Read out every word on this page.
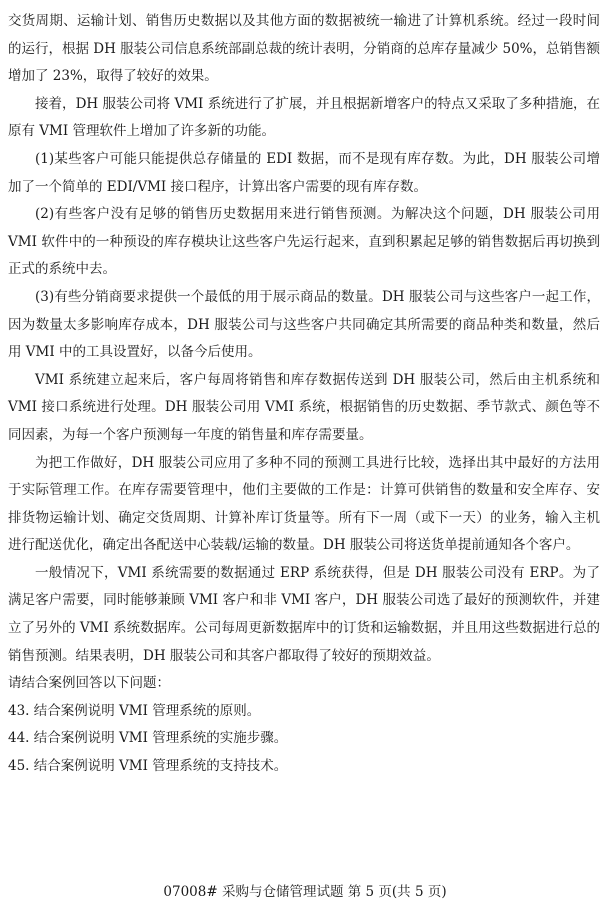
交货周期、运输计划、销售历史数据以及其他方面的数据被统一输进了计算机系统。经过一段时间的运行，根据 DH 服装公司信息系统部副总裁的统计表明，分销商的总库存量减少 50%，总销售额增加了 23%，取得了较好的效果。

接着，DH 服装公司将 VMI 系统进行了扩展，并且根据新增客户的特点又采取了多种措施，在原有 VMI 管理软件上增加了许多新的功能。

(1)某些客户可能只能提供总存储量的 EDI 数据，而不是现有库存数。为此，DH 服装公司增加了一个简单的 EDI/VMI 接口程序，计算出客户需要的现有库存数。

(2)有些客户没有足够的销售历史数据用来进行销售预测。为解决这个问题，DH 服装公司用 VMI 软件中的一种预设的库存模块让这些客户先运行起来，直到积累起足够的销售数据后再切换到正式的系统中去。

(3)有些分销商要求提供一个最低的用于展示商品的数量。DH 服装公司与这些客户一起工作，因为数量太多影响库存成本，DH 服装公司与这些客户共同确定其所需要的商品种类和数量，然后用 VMI 中的工具设置好，以备今后使用。

VMI 系统建立起来后，客户每周将销售和库存数据传送到 DH 服装公司，然后由主机系统和 VMI 接口系统进行处理。DH 服装公司用 VMI 系统，根据销售的历史数据、季节款式、颜色等不同因素，为每一个客户预测每一年度的销售量和库存需要量。

为把工作做好，DH 服装公司应用了多种不同的预测工具进行比较，选择出其中最好的方法用于实际管理工作。在库存需要管理中，他们主要做的工作是：计算可供销售的数量和安全库存、安排货物运输计划、确定交货周期、计算补库订货量等。所有下一周（或下一天）的业务，输入主机进行配送优化，确定出各配送中心装载/运输的数量。DH 服装公司将送货单提前通知各个客户。

一般情况下，VMI 系统需要的数据通过 ERP 系统获得，但是 DH 服装公司没有 ERP。为了满足客户需要，同时能够兼顾 VMI 客户和非 VMI 客户，DH 服装公司选了最好的预测软件，并建立了另外的 VMI 系统数据库。公司每周更新数据库中的订货和运输数据，并且用这些数据进行总的销售预测。结果表明，DH 服装公司和其客户都取得了较好的预期效益。

请结合案例回答以下问题：

43. 结合案例说明 VMI 管理系统的原则。

44. 结合案例说明 VMI 管理系统的实施步骤。

45. 结合案例说明 VMI 管理系统的支持技术。

07008# 采购与仓储管理试题 第 5 页(共 5 页)
